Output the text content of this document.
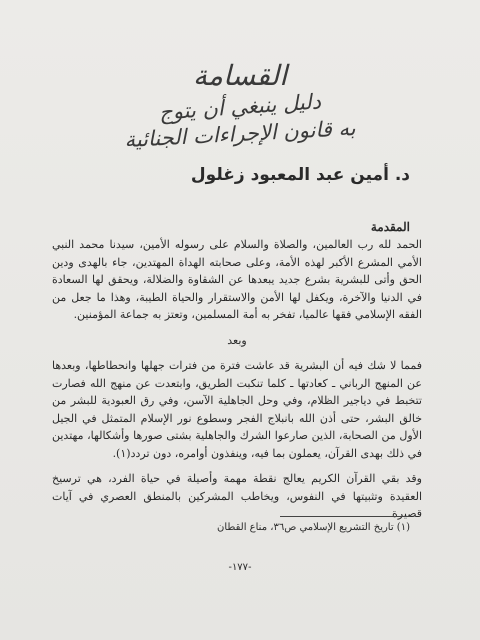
القسامة
دليل ينبغي أن يتوج
به قانون الإجراءات الجنائية
د. أمين عبد المعبود زغلول
المقدمة

الحمد لله رب العالمين، والصلاة والسلام على رسوله الأمين، سيدنا محمد النبي الأمي المشرع الأكبر لهذه الأمة، وعلى صحابته الهداة المهتدين، جاء بالهدى ودين الحق وأتى للبشرية بشرع جديد يبعدها عن الشقاوة والضلالة، ويحقق لها السعادة في الدنيا والآخرة، ويكفل لها الأمن والاستقرار والحياة الطيبة، وهذا ما جعل من الفقه الإسلامي فقها عالميا، تفخر به أمة المسلمين، وتعتز به جماعة المؤمنين.

وبعد

فمما لا شك فيه أن البشرية قد عاشت فترة من فترات جهلها وانحطاطها، وبعدها عن المنهج الرباني ـ كعادتها ـ كلما تنكبت الطريق، وابتعدت عن منهج الله فصارت تتخبط في دياجير الظلام، وفي وحل الجاهلية الآسن، وفي رق العبودية للبشر من خالق البشر، حتى أذن الله بانبلاج الفجر وسطوع نور الإسلام المتمثل في الجيل الأول من الصحابة، الذين صارعوا الشرك والجاهلية بشتى صورها وأشكالها، مهتدين في ذلك بهدى القرآن، يعملون بما فيه، وينفذون أوامره، دون تردد(١).

وقد بقي القرآن الكريم يعالج نقطة مهمة وأصيلة في حياة الفرد، هي ترسيخ العقيدة وتثبيتها في النفوس، ويخاطب المشركين بالمنطق العصري في آيات قصيرة

(١) تاريخ التشريع الإسلامي ص٣٦، مناع القطان
-١٧٧-
